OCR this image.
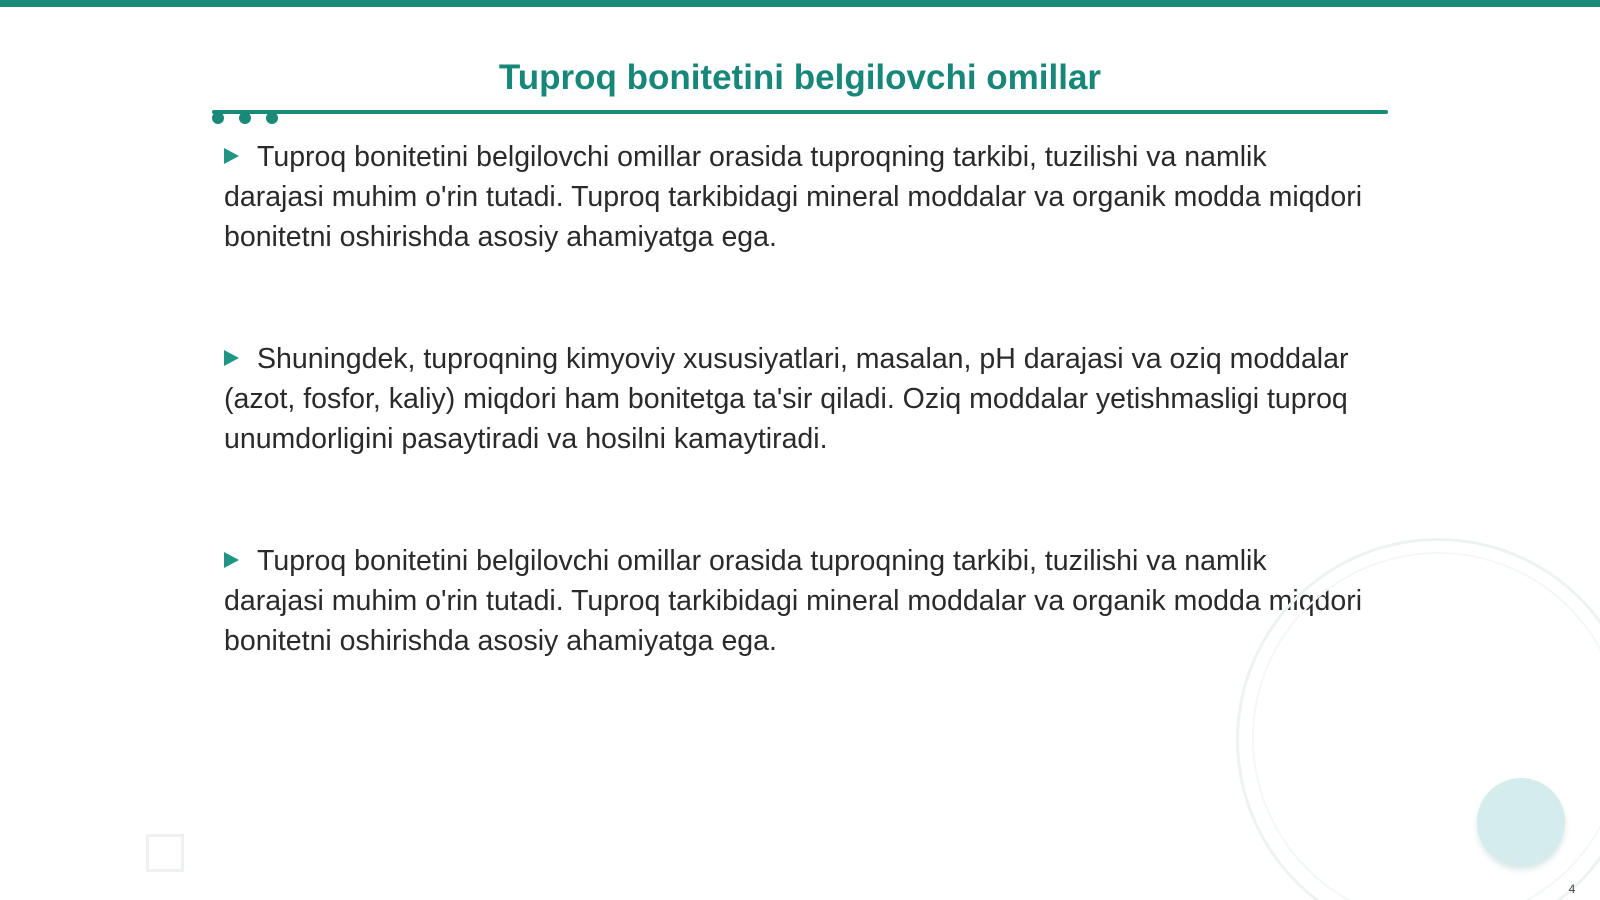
Tuproq bonitetini belgilovchi omillar

Tuproq bonitetini belgilovchi omillar orasida tuproqning tarkibi, tuzilishi va namlik darajasi muhim o'rin tutadi. Tuproq tarkibidagi mineral moddalar va organik modda miqdori bonitetni oshirishda asosiy ahamiyatga ega.

Shuningdek, tuproqning kimyoviy xususiyatlari, masalan, pH darajasi va oziq moddalar (azot, fosfor, kaliy) miqdori ham bonitetga ta'sir qiladi. Oziq moddalar yetishmasligi tuproq unumdorligini pasaytiradi va hosilni kamaytiradi.

Tuproq bonitetini belgilovchi omillar orasida tuproqning tarkibi, tuzilishi va namlik darajasi muhim o'rin tutadi. Tuproq tarkibidagi mineral moddalar va organik modda miqdori bonitetni oshirishda asosiy ahamiyatga ega.

4
